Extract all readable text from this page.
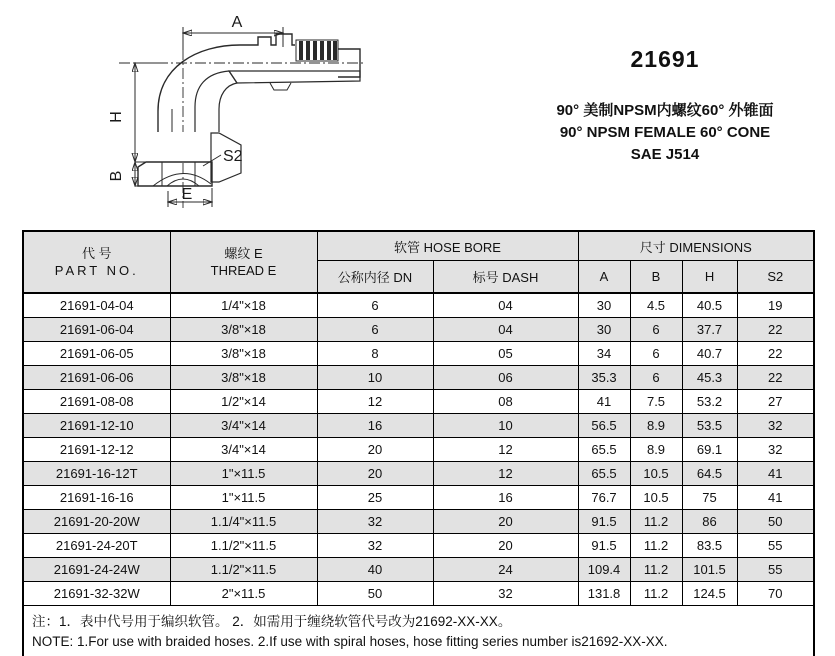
A
H
B
E
S2
21691
90° 美制NPSM内螺纹60° 外锥面
90° NPSM FEMALE 60° CONE
SAE J514
代 号
PART NO.

螺纹 E
THREAD E
	软管 HOSE BORE	尺寸 DIMENSIONS
		公称内径 DN	标号 DASH	A	B	H	S2
21691-04-04	1/4"×18	6	04	30	4.5	40.5	19
21691-06-04	3/8"×18	6	04	30	6	37.7	22
21691-06-05	3/8"×18	8	05	34	6	40.7	22
21691-06-06	3/8"×18	10	06	35.3	6	45.3	22
21691-08-08	1/2"×14	12	08	41	7.5	53.2	27
21691-12-10	3/4"×14	16	10	56.5	8.9	53.5	32
21691-12-12	3/4"×14	20	12	65.5	8.9	69.1	32
21691-16-12T	1"×11.5	20	12	65.5	10.5	64.5	41
21691-16-16	1"×11.5	25	16	76.7	10.5	75	41
21691-20-20W	1.1/4"×11.5	32	20	91.5	11.2	86	50
21691-24-20T	1.1/2"×11.5	32	20	91.5	11.2	83.5	55
21691-24-24W	1.1/2"×11.5	40	24	109.4	11.2	101.5	55
21691-32-32W	2"×11.5	50	32	131.8	11.2	124.5	70

注：1．表中代号用于编织软管。 2．如需用于缠绕软管代号改为21692-XX-XX。
NOTE: 1.For use with braided hoses. 2.If use with spiral hoses, hose fitting series number is21692-XX-XX.							
